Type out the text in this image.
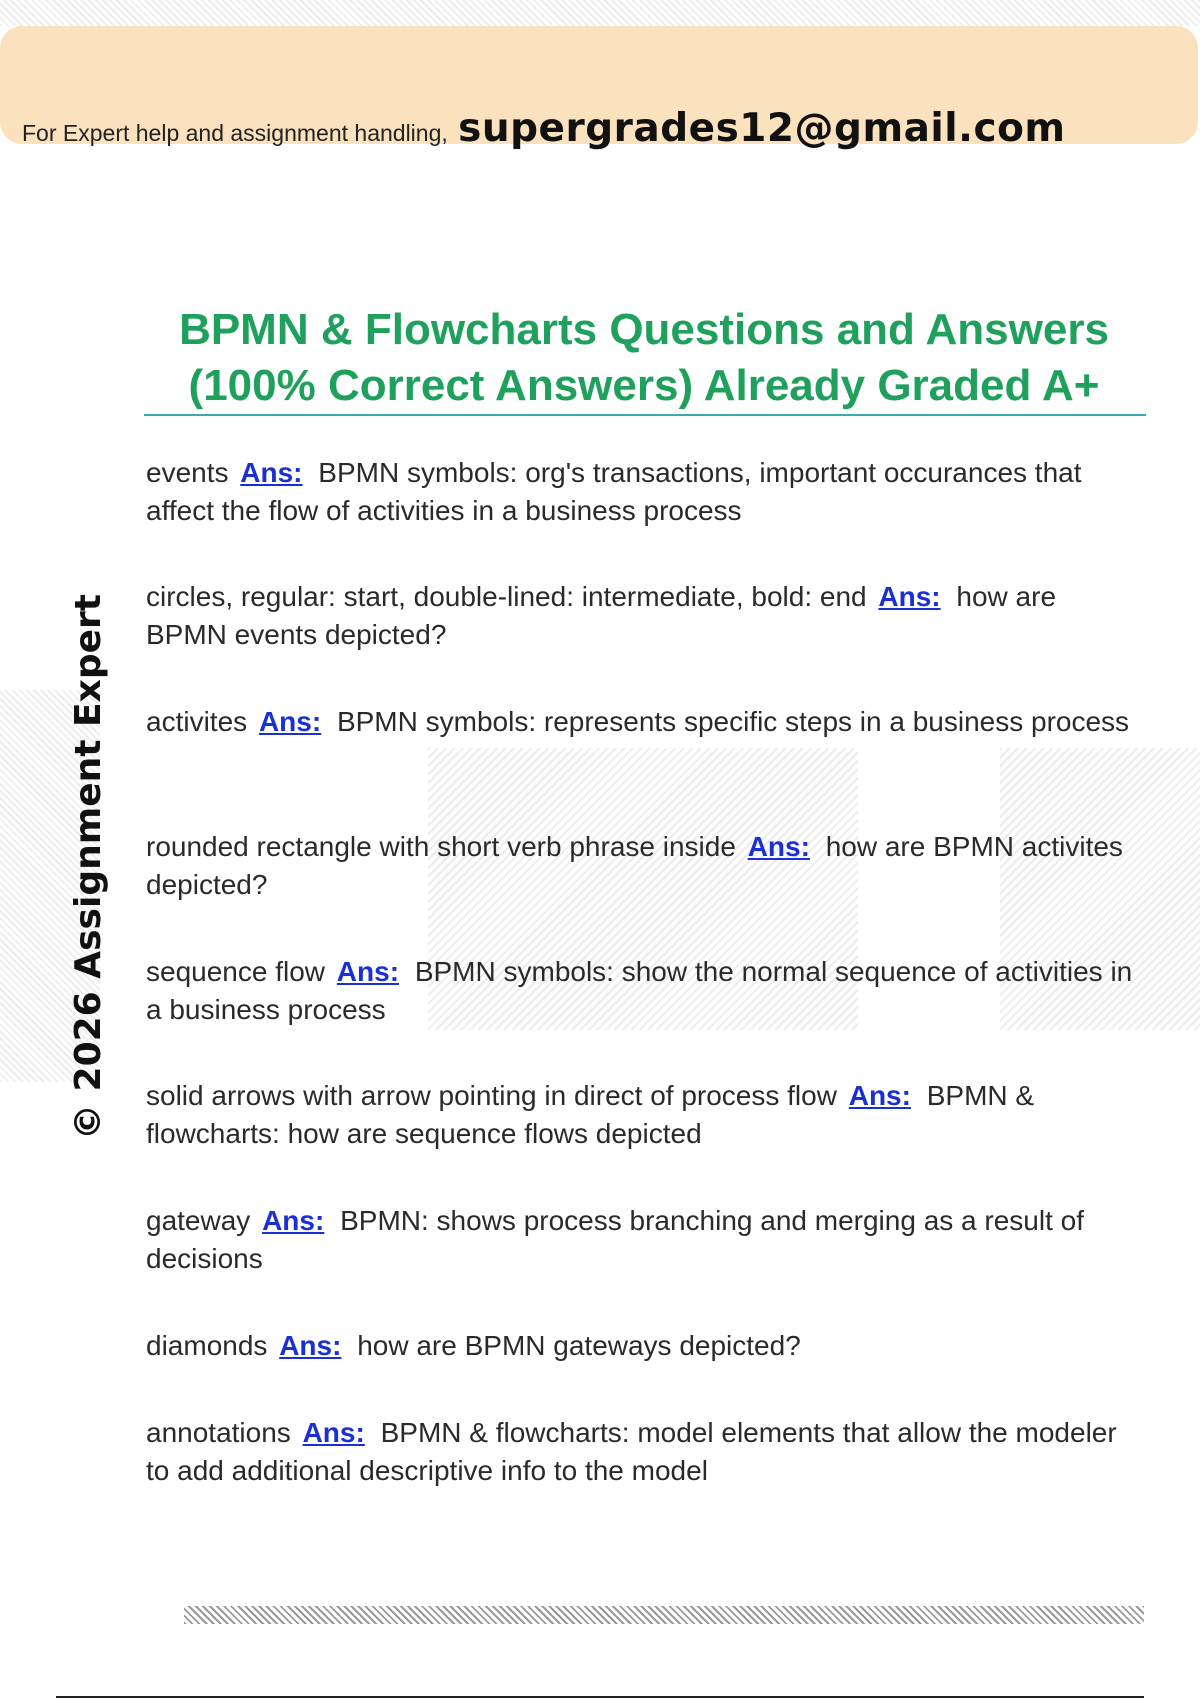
For Expert help and assignment handling, supergrades12@gmail.com
© 2026 Assignment Expert
BPMN & Flowcharts Questions and Answers
(100% Correct Answers) Already Graded A+
events Ans: BPMN symbols: org's transactions, important occurances that affect the flow of activities in a business process
circles, regular: start, double-lined: intermediate, bold: end Ans: how are BPMN events depicted?
activites Ans: BPMN symbols: represents specific steps in a business process
rounded rectangle with short verb phrase inside Ans: how are BPMN activites depicted?
sequence flow Ans: BPMN symbols: show the normal sequence of activities in a business process
solid arrows with arrow pointing in direct of process flow Ans: BPMN & flowcharts: how are sequence flows depicted
gateway Ans: BPMN: shows process branching and merging as a result of decisions
diamonds Ans: how are BPMN gateways depicted?
annotations Ans: BPMN & flowcharts: model elements that allow the modeler to add additional descriptive info to the model
